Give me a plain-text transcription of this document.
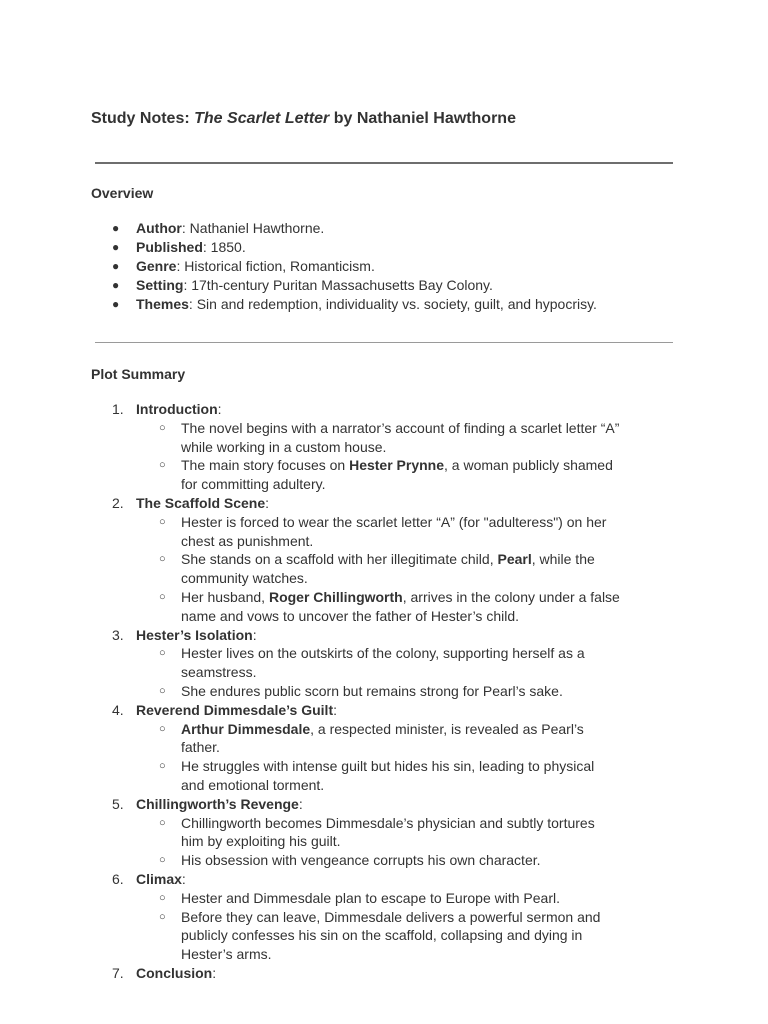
Study Notes: The Scarlet Letter by Nathaniel Hawthorne
Overview
● Author: Nathaniel Hawthorne.
● Published: 1850.
● Genre: Historical fiction, Romanticism.
● Setting: 17th-century Puritan Massachusetts Bay Colony.
● Themes: Sin and redemption, individuality vs. society, guilt, and hypocrisy.
Plot Summary
1. Introduction:
○ The novel begins with a narrator’s account of finding a scarlet letter “A” while working in a custom house.
○ The main story focuses on Hester Prynne, a woman publicly shamed for committing adultery.
2. The Scaffold Scene:
○ Hester is forced to wear the scarlet letter “A” (for "adulteress") on her chest as punishment.
○ She stands on a scaffold with her illegitimate child, Pearl, while the community watches.
○ Her husband, Roger Chillingworth, arrives in the colony under a false name and vows to uncover the father of Hester’s child.
3. Hester’s Isolation:
○ Hester lives on the outskirts of the colony, supporting herself as a seamstress.
○ She endures public scorn but remains strong for Pearl’s sake.
4. Reverend Dimmesdale’s Guilt:
○ Arthur Dimmesdale, a respected minister, is revealed as Pearl’s father.
○ He struggles with intense guilt but hides his sin, leading to physical and emotional torment.
5. Chillingworth’s Revenge:
○ Chillingworth becomes Dimmesdale’s physician and subtly tortures him by exploiting his guilt.
○ His obsession with vengeance corrupts his own character.
6. Climax:
○ Hester and Dimmesdale plan to escape to Europe with Pearl.
○ Before they can leave, Dimmesdale delivers a powerful sermon and publicly confesses his sin on the scaffold, collapsing and dying in Hester’s arms.
7. Conclusion:
